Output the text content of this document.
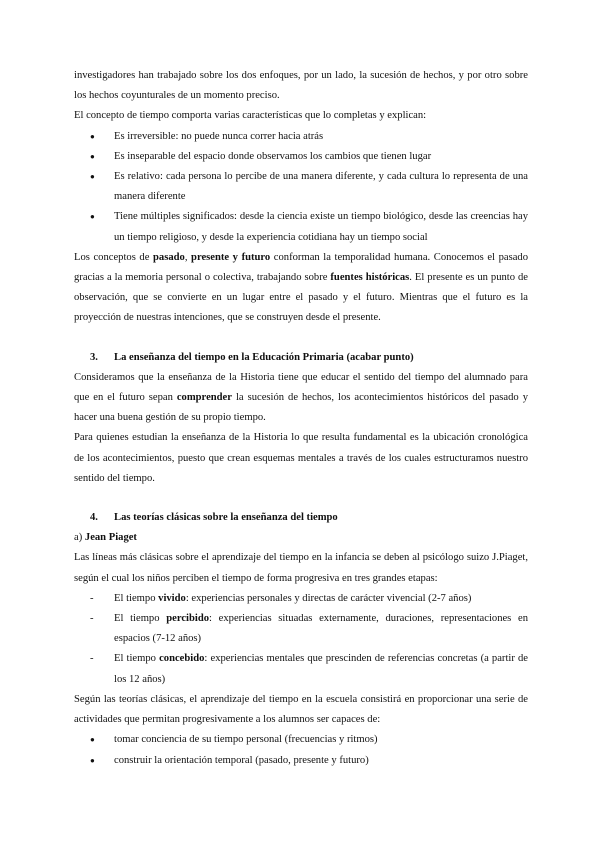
investigadores han trabajado sobre los dos enfoques, por un lado, la sucesión de hechos, y por otro sobre los hechos coyunturales de un momento preciso.

El concepto de tiempo comporta varias características que lo completas y explican:

● Es irreversible: no puede nunca correr hacia atrás
● Es inseparable del espacio donde observamos los cambios que tienen lugar
● Es relativo: cada persona lo percibe de una manera diferente, y cada cultura lo representa de una manera diferente
● Tiene múltiples significados: desde la ciencia existe un tiempo biológico, desde las creencias hay un tiempo religioso, y desde la experiencia cotidiana hay un tiempo social

Los conceptos de pasado, presente y futuro conforman la temporalidad humana. Conocemos el pasado gracias a la memoria personal o colectiva, trabajando sobre fuentes históricas. El presente es un punto de observación, que se convierte en un lugar entre el pasado y el futuro. Mientras que el futuro es la proyección de nuestras intenciones, que se construyen desde el presente.

3. La enseñanza del tiempo en la Educación Primaria (acabar punto)

Consideramos que la enseñanza de la Historia tiene que educar el sentido del tiempo del alumnado para que en el futuro sepan comprender la sucesión de hechos, los acontecimientos históricos del pasado y hacer una buena gestión de su propio tiempo.

Para quienes estudian la enseñanza de la Historia lo que resulta fundamental es la ubicación cronológica de los acontecimientos, puesto que crean esquemas mentales a través de los cuales estructuramos nuestro sentido del tiempo.

4. Las teorías clásicas sobre la enseñanza del tiempo

a) Jean Piaget

Las líneas más clásicas sobre el aprendizaje del tiempo en la infancia se deben al psicólogo suizo J.Piaget, según el cual los niños perciben el tiempo de forma progresiva en tres grandes etapas:

- El tiempo vivido: experiencias personales y directas de carácter vivencial (2-7 años)
- El tiempo percibido: experiencias situadas externamente, duraciones, representaciones en espacios (7-12 años)
- El tiempo concebido: experiencias mentales que prescinden de referencias concretas (a partir de los 12 años)

Según las teorías clásicas, el aprendizaje del tiempo en la escuela consistirá en proporcionar una serie de actividades que permitan progresivamente a los alumnos ser capaces de:

● tomar conciencia de su tiempo personal (frecuencias y ritmos)
● construir la orientación temporal (pasado, presente y futuro)
